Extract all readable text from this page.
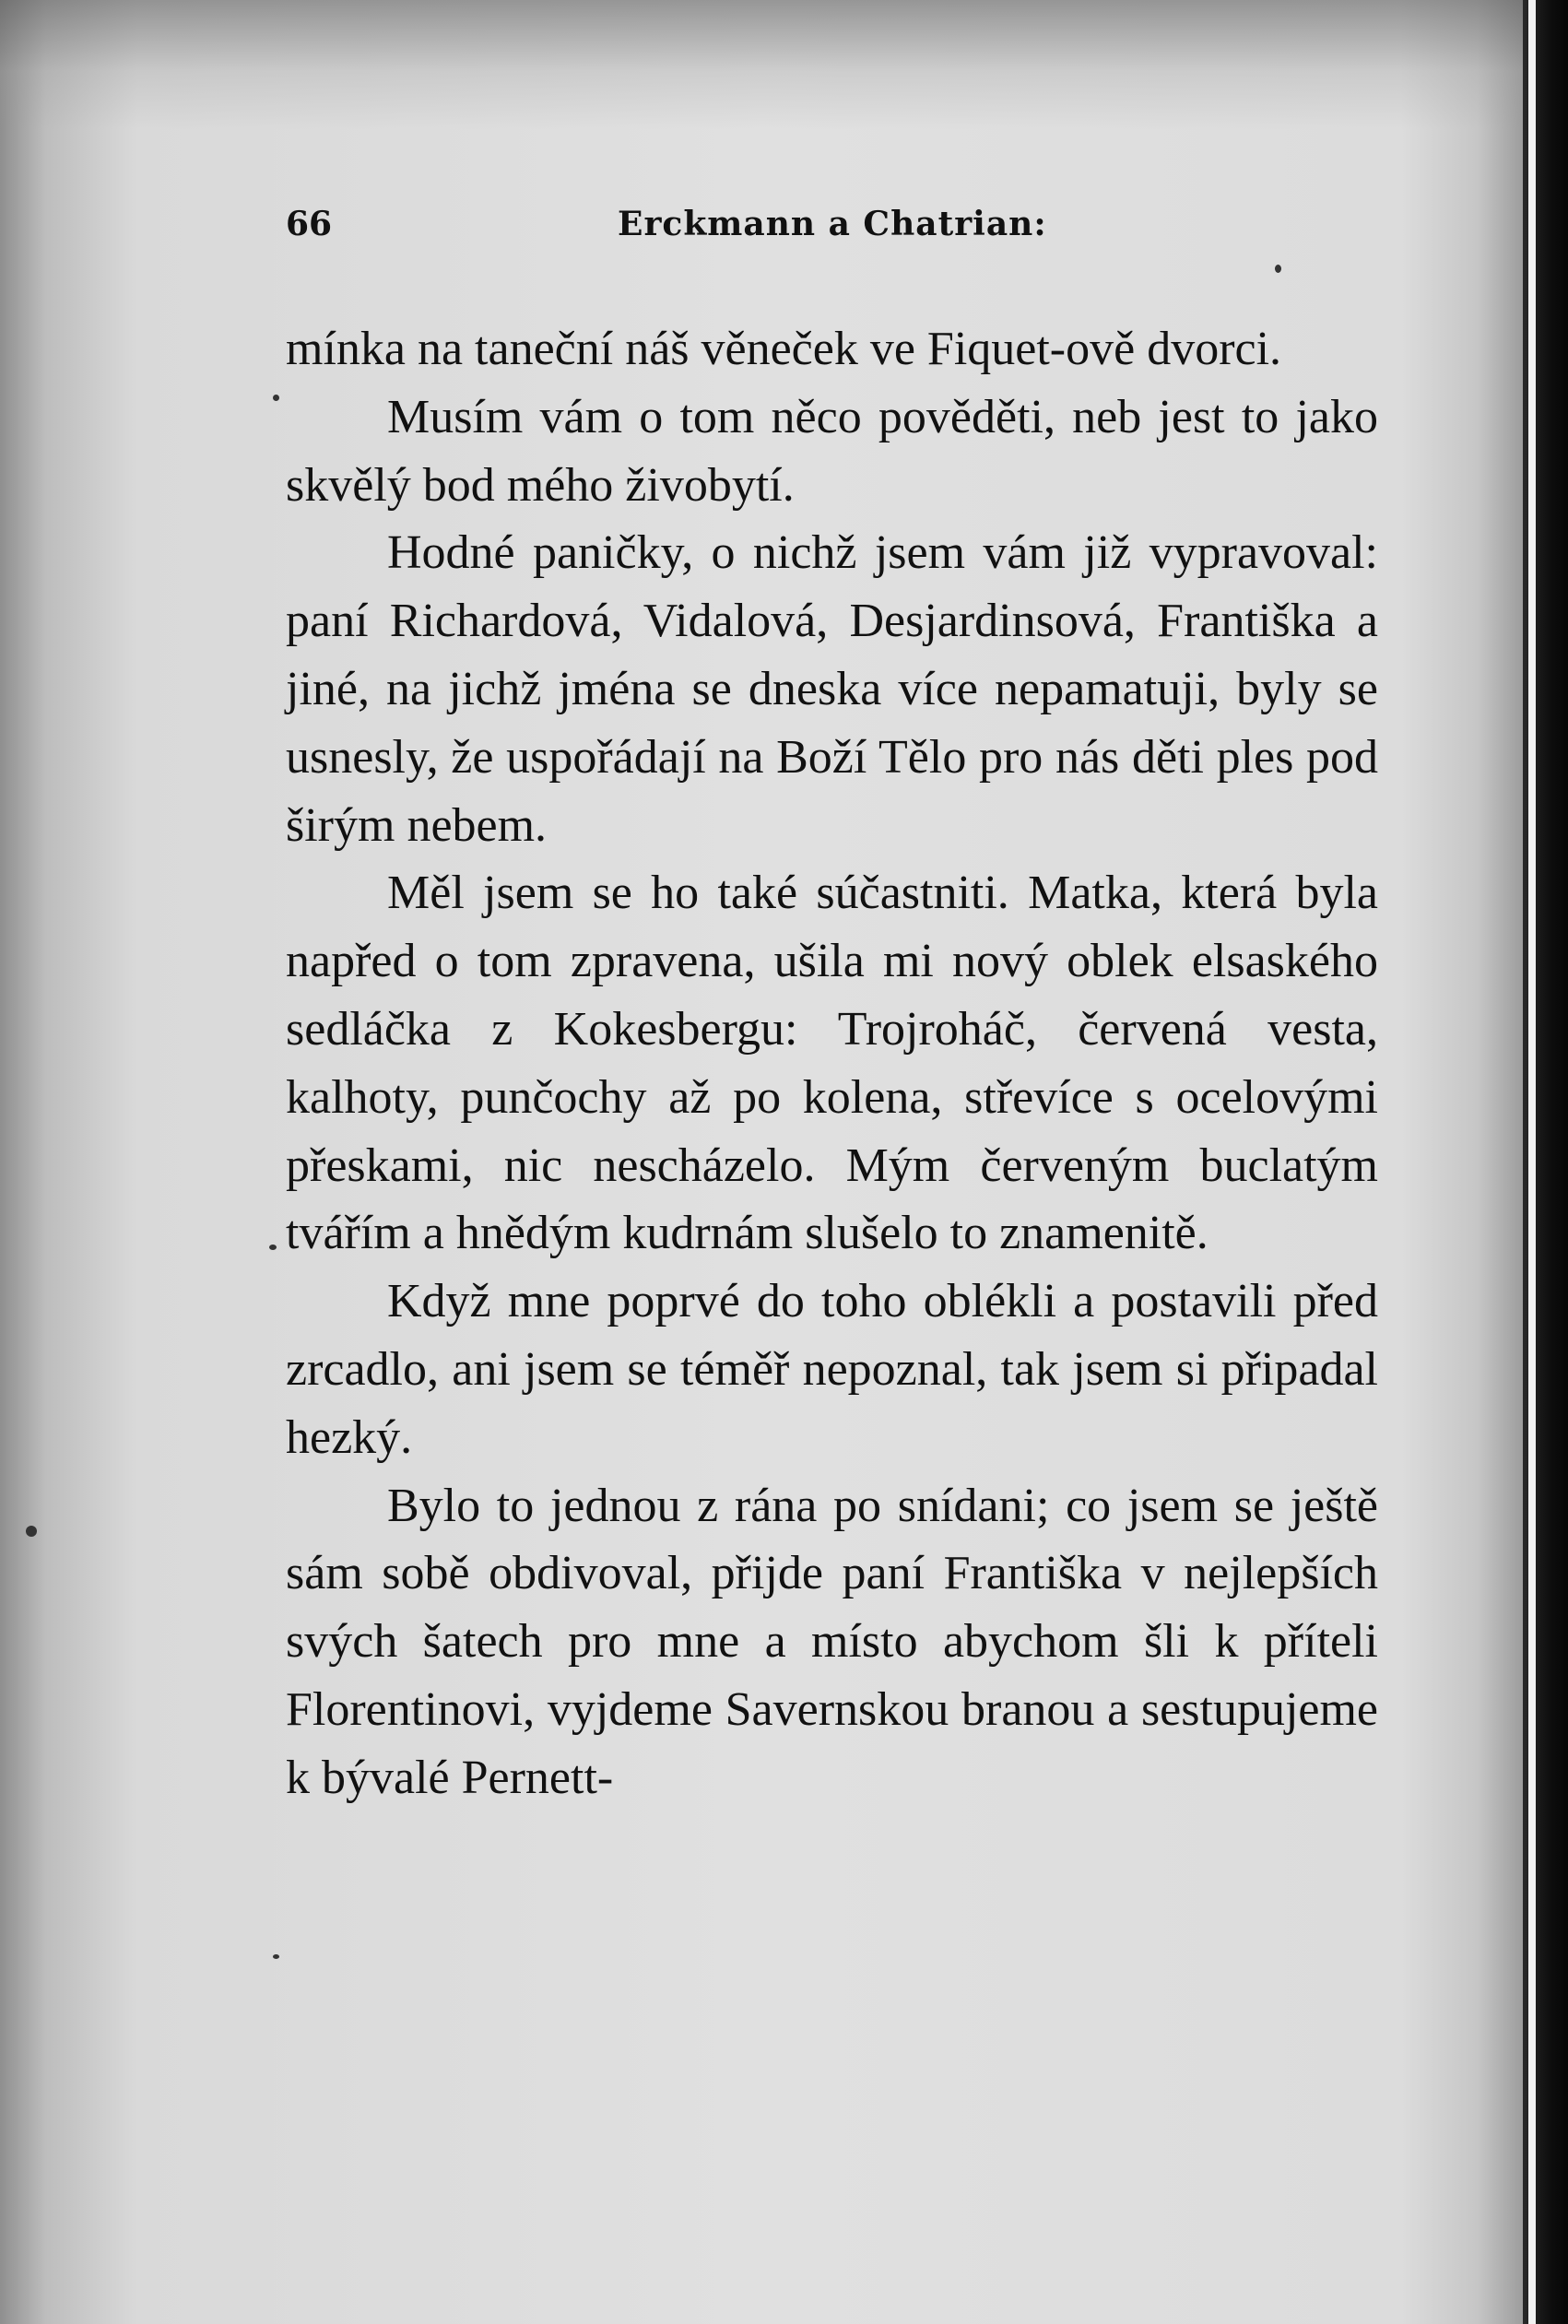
66	Erckmann a Chatrian:

mínka na taneční náš věneček ve Fiquet-ově dvorci.

Musím vám o tom něco pověděti, neb jest to jako skvělý bod mého živobytí.

Hodné paničky, o nichž jsem vám již vypravoval: paní Richardová, Vidalová, Desjardinsová, Františka a jiné, na jichž jména se dneska více nepamatuji, byly se usnesly, že uspořádají na Boží Tělo pro nás děti ples pod širým nebem.

Měl jsem se ho také súčastniti. Matka, která byla napřed o tom zpravena, ušila mi nový oblek elsaského sedláčka z Kokesbergu: Trojroháč, červená vesta, kalhoty, punčochy až po kolena, střevíce s ocelovými přeskami, nic nescházelo. Mým červeným buclatým tvářím a hnědým kudrnám slušelo to znamenitě.

Když mne poprvé do toho oblékli a postavili před zrcadlo, ani jsem se téměř nepoznal, tak jsem si připadal hezký.

Bylo to jednou z rána po snídani; co jsem se ještě sám sobě obdivoval, přijde paní Františka v nejlepších svých šatech pro mne a místo abychom šli k příteli Florentinovi, vyjdeme Savernskou branou a sestupujeme k bývalé Pernett-
